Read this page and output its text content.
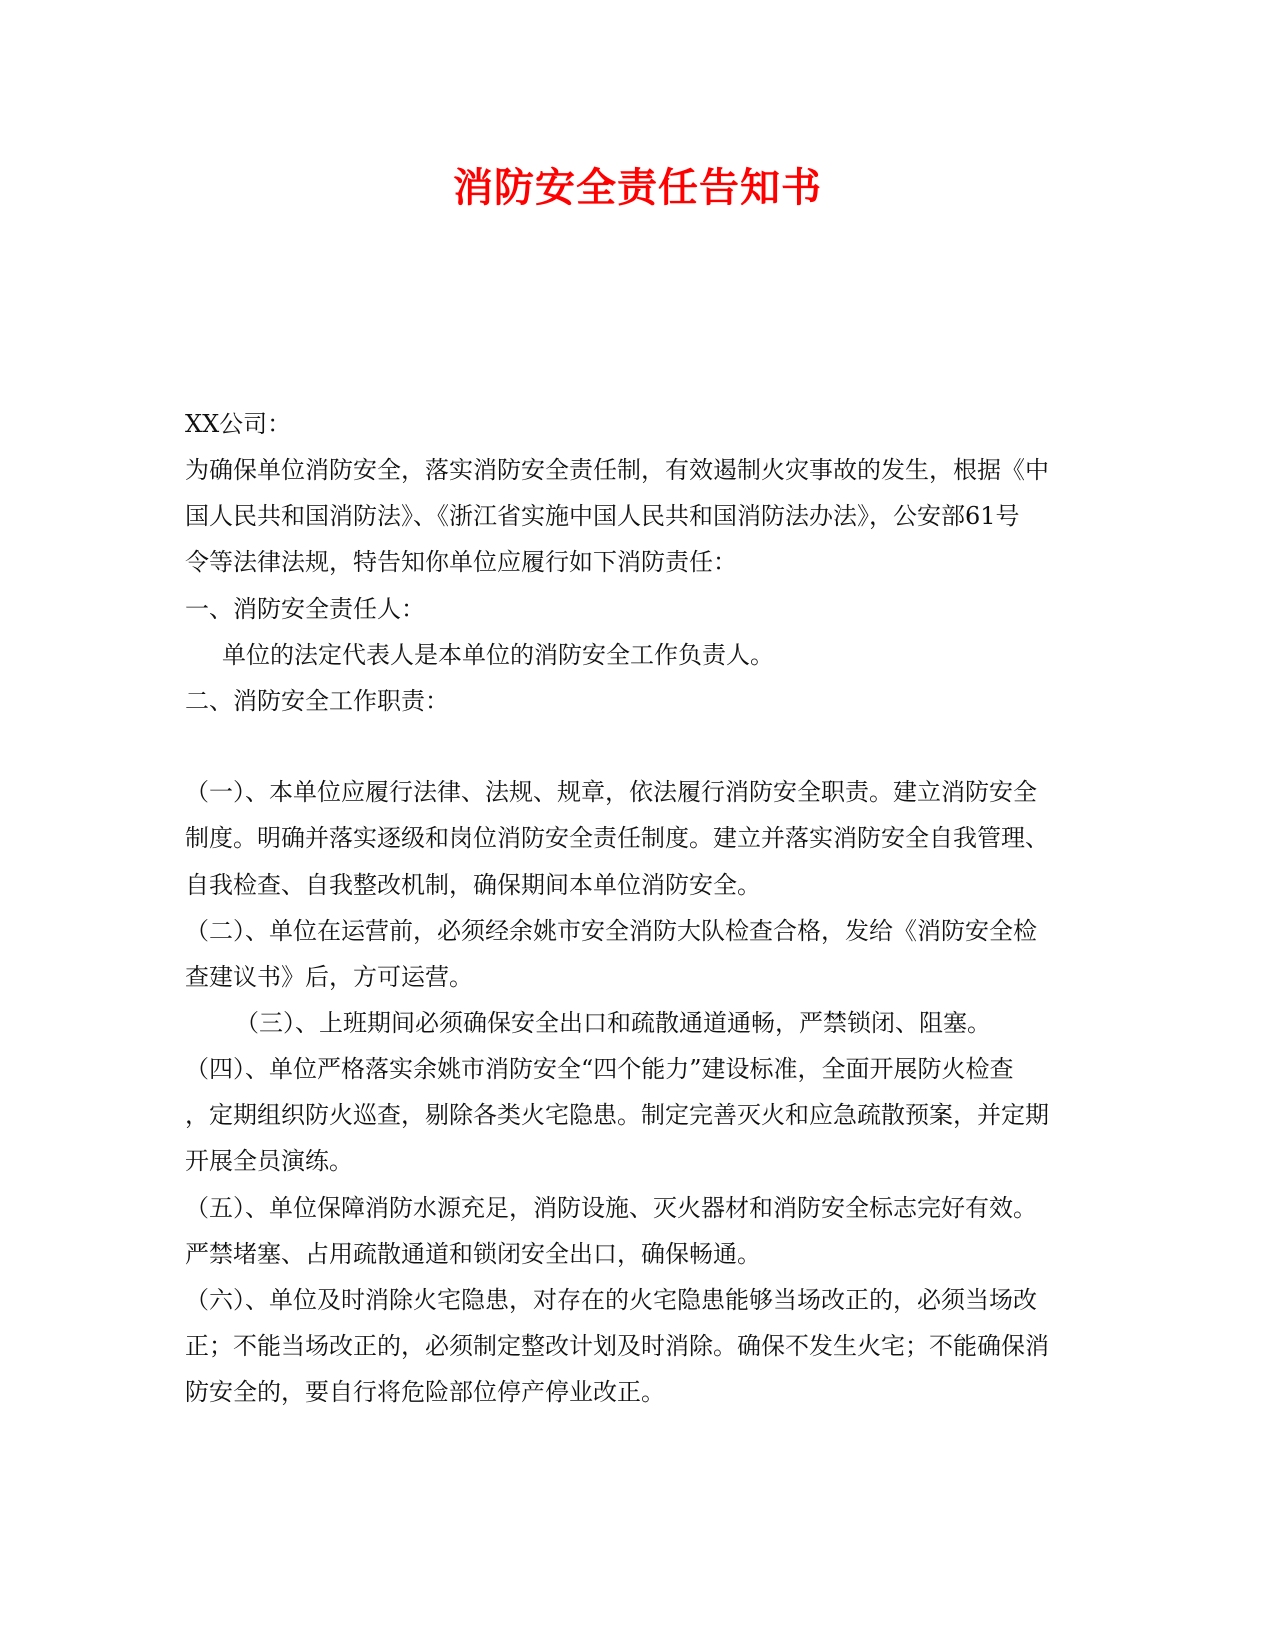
消防安全责任告知书
XX公司：
为确保单位消防安全，落实消防安全责任制，有效遏制火灾事故的发生，根据《中
国人民共和国消防法》、《浙江省实施中国人民共和国消防法办法》，公安部61号
令等法律法规，特告知你单位应履行如下消防责任：
一、消防安全责任人：
单位的法定代表人是本单位的消防安全工作负责人。
二、消防安全工作职责：
（一）、本单位应履行法律、法规、规章，依法履行消防安全职责。建立消防安全
制度。明确并落实逐级和岗位消防安全责任制度。建立并落实消防安全自我管理、
自我检查、自我整改机制，确保期间本单位消防安全。
（二）、单位在运营前，必须经余姚市安全消防大队检查合格，发给《消防安全检
查建议书》后，方可运营。
（三）、上班期间必须确保安全出口和疏散通道通畅，严禁锁闭、阻塞。
（四）、单位严格落实余姚市消防安全“四个能力”建设标准，全面开展防火检查
，定期组织防火巡查，剔除各类火宅隐患。制定完善灭火和应急疏散预案，并定期
开展全员演练。
（五）、单位保障消防水源充足，消防设施、灭火器材和消防安全标志完好有效。
严禁堵塞、占用疏散通道和锁闭安全出口，确保畅通。
（六）、单位及时消除火宅隐患，对存在的火宅隐患能够当场改正的，必须当场改
正；不能当场改正的，必须制定整改计划及时消除。确保不发生火宅；不能确保消
防安全的，要自行将危险部位停产停业改正。
